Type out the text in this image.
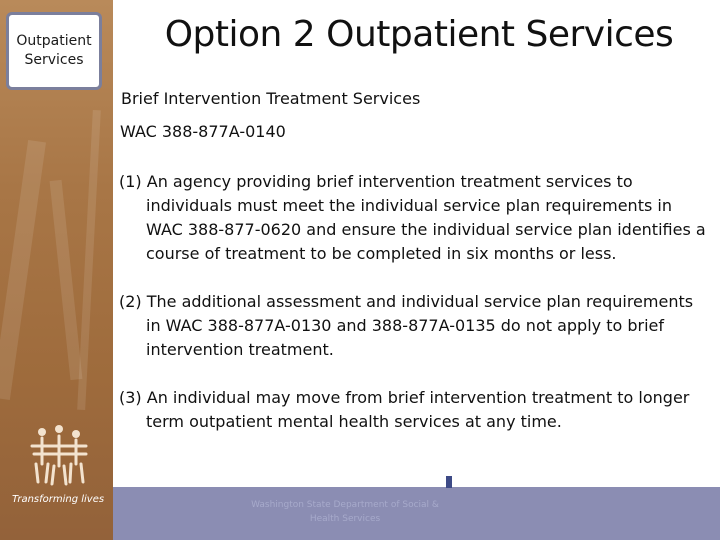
Outpatient
Services
Option 2 Outpatient Services
Brief Intervention Treatment Services
WAC 388-877A-0140
(1) An agency providing brief intervention treatment services to individuals must meet the individual service plan requirements in WAC 388-877-0620 and ensure the individual service plan identifies a course of treatment to be completed in six months or less.
(2) The additional assessment and individual service plan requirements in WAC 388-877A-0130 and 388-877A-0135 do not apply to brief intervention treatment.
(3) An individual may move from brief intervention treatment to longer term outpatient mental health services at any time.
Transforming lives	Washington State Department of Social & Health Services
